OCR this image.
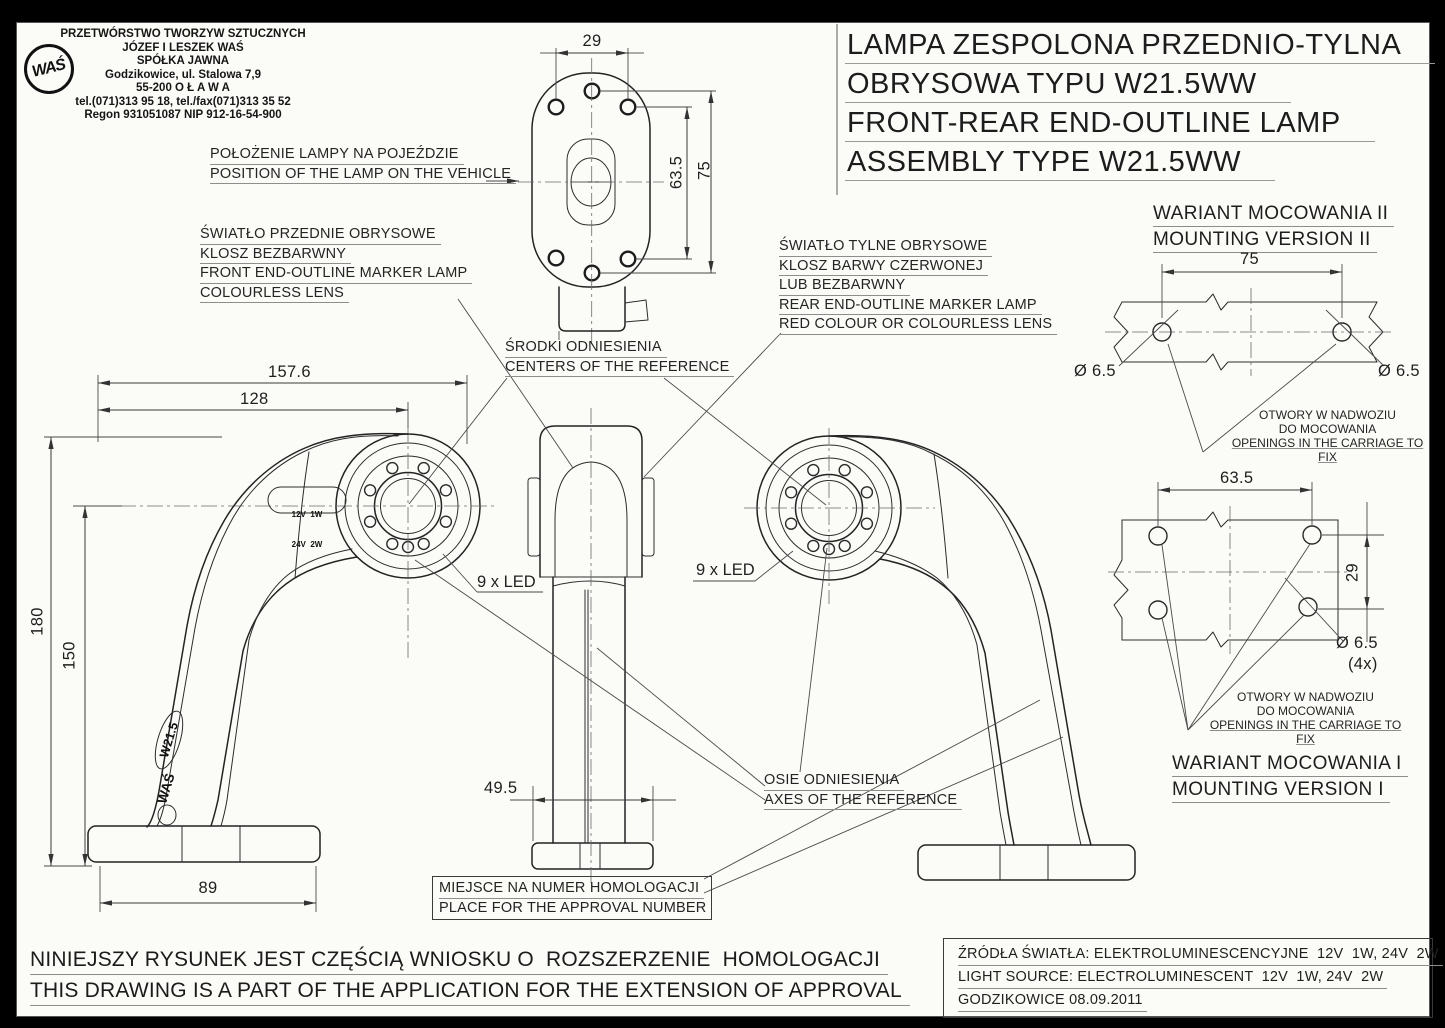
WAŚ
PRZETWÓRSTWO TWORZYW SZTUCZNYCH
JÓZEF I LESZEK WAŚ
SPÓŁKA JAWNA
Godzikowice, ul. Stalowa 7,9
55-200 O Ł A W A
tel.(071)313 95 18, tel./fax(071)313 35 52
Regon 931051087 NIP 912-16-54-900
LAMPA ZESPOLONA PRZEDNIO-TYLNA
OBRYSOWA TYPU W21.5WW
FRONT-REAR END-OUTLINE LAMP
ASSEMBLY TYPE W21.5WW
POŁOŻENIE LAMPY NA POJEŹDZIE
POSITION OF THE LAMP ON THE VEHICLE
ŚWIATŁO PRZEDNIE OBRYSOWE
KLOSZ BEZBARWNY
FRONT END-OUTLINE MARKER LAMP
COLOURLESS LENS
ŚRODKI ODNIESIENIA
CENTERS OF THE REFERENCE
ŚWIATŁO TYLNE OBRYSOWE
KLOSZ BARWY CZERWONEJ
LUB BEZBARWNY
REAR END-OUTLINE MARKER LAMP
RED COLOUR OR COLOURLESS LENS
OSIE ODNIESIENIA
AXES OF THE REFERENCE
MIEJSCE NA NUMER HOMOLOGACJI
PLACE FOR THE APPROVAL NUMBER
9 x LED
9 x LED

12V  1W

24V  2W

W21.5
WAŚ
29
63.5 75
157.6
128
180
150
89
49.5
WARIANT MOCOWANIA II
MOUNTING VERSION II
75
Ø 6.5	Ø 6.5
OTWORY W NADWOZIU
DO MOCOWANIA
OPENINGS IN THE CARRIAGE TO FIX
63.5
29
Ø 6.5
(4x)
OTWORY W NADWOZIU
DO MOCOWANIA
OPENINGS IN THE CARRIAGE TO FIX
WARIANT MOCOWANIA I
MOUNTING VERSION I
NINIEJSZY RYSUNEK JEST CZĘŚCIĄ WNIOSKU O  ROZSZERZENIE  HOMOLOGACJI
THIS DRAWING IS A PART OF THE APPLICATION FOR THE EXTENSION OF APPROVAL
ŹRÓDŁA ŚWIATŁA: ELEKTROLUMINESCENCYJNE  12V  1W, 24V  2W
LIGHT SOURCE: ELECTROLUMINESCENT  12V  1W, 24V  2W
GODZIKOWICE 08.09.2011
